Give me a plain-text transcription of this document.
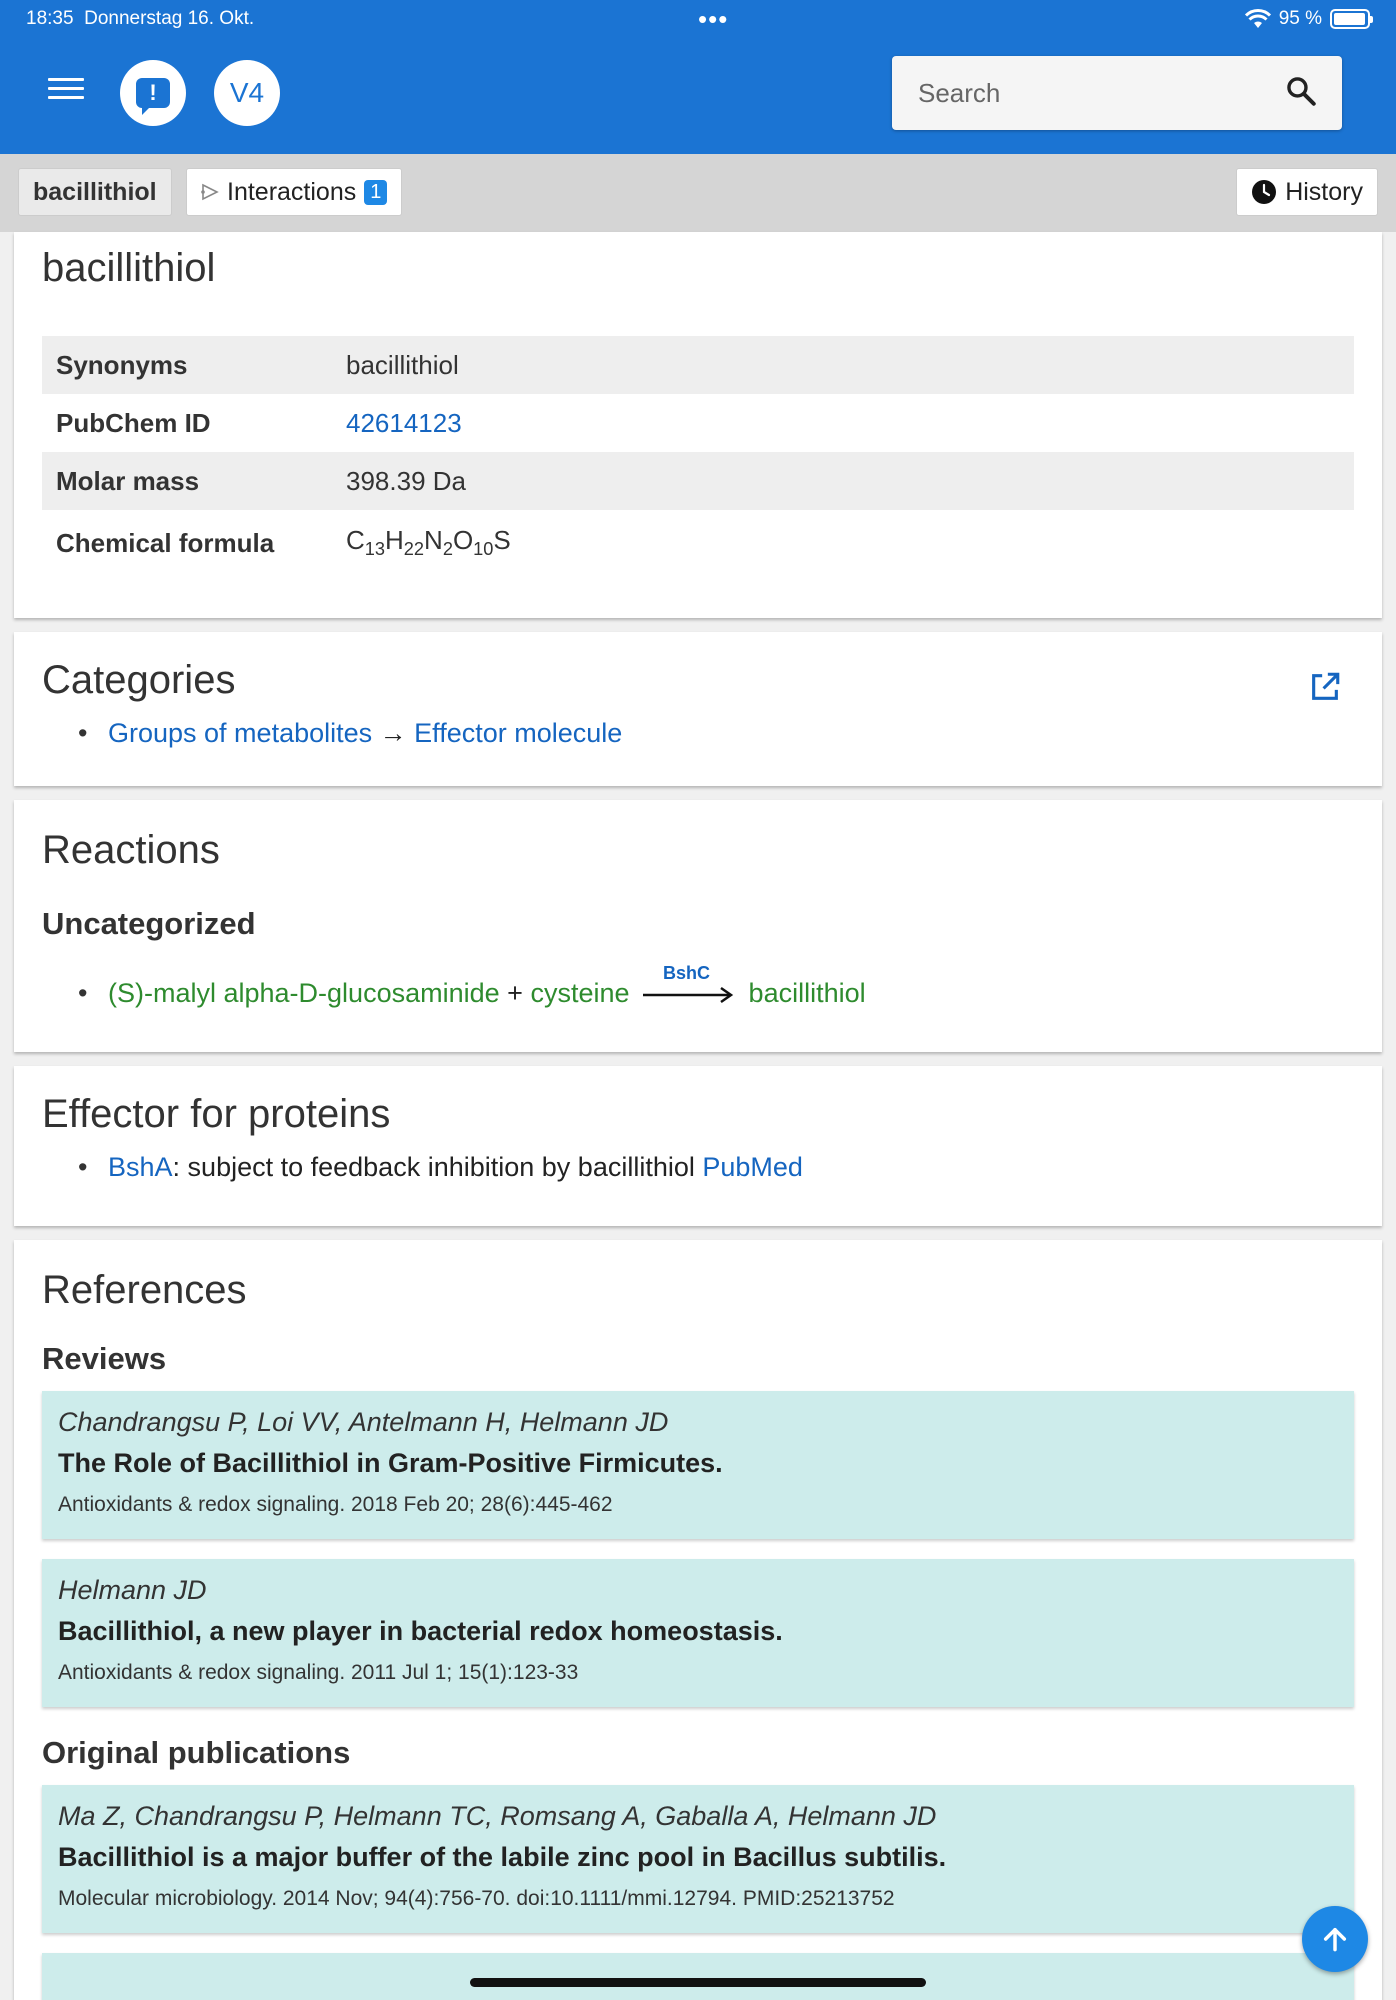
18:35 Donnerstag 16. Okt.	•••	95 %
!	V4
Search
bacillithiol	Interactions 1	History
bacillithiol
Synonyms	bacillithiol
PubChem ID	42614123
Molar mass	398.39 Da
Chemical formula	$C_{13}H_{22}N_2O_{10}S$
Categories
• Groups of metabolites → Effector molecule
Reactions
Uncategorized
• (S)-malyl alpha-D-glucosaminide + cysteine
BshC
bacillithiol
Effector for proteins
• BshA: subject to feedback inhibition by bacillithiol PubMed
References
Reviews
Chandrangsu P, Loi VV, Antelmann H, Helmann JD
The Role of Bacillithiol in Gram-Positive Firmicutes.
Antioxidants & redox signaling. 2018 Feb 20; 28(6):445-462
Helmann JD
Bacillithiol, a new player in bacterial redox homeostasis.
Antioxidants & redox signaling. 2011 Jul 1; 15(1):123-33
Original publications
Ma Z, Chandrangsu P, Helmann TC, Romsang A, Gaballa A, Helmann JD
Bacillithiol is a major buffer of the labile zinc pool in Bacillus subtilis.
Molecular microbiology. 2014 Nov; 94(4):756-70. doi:10.1111/mmi.12794. PMID:25213752
